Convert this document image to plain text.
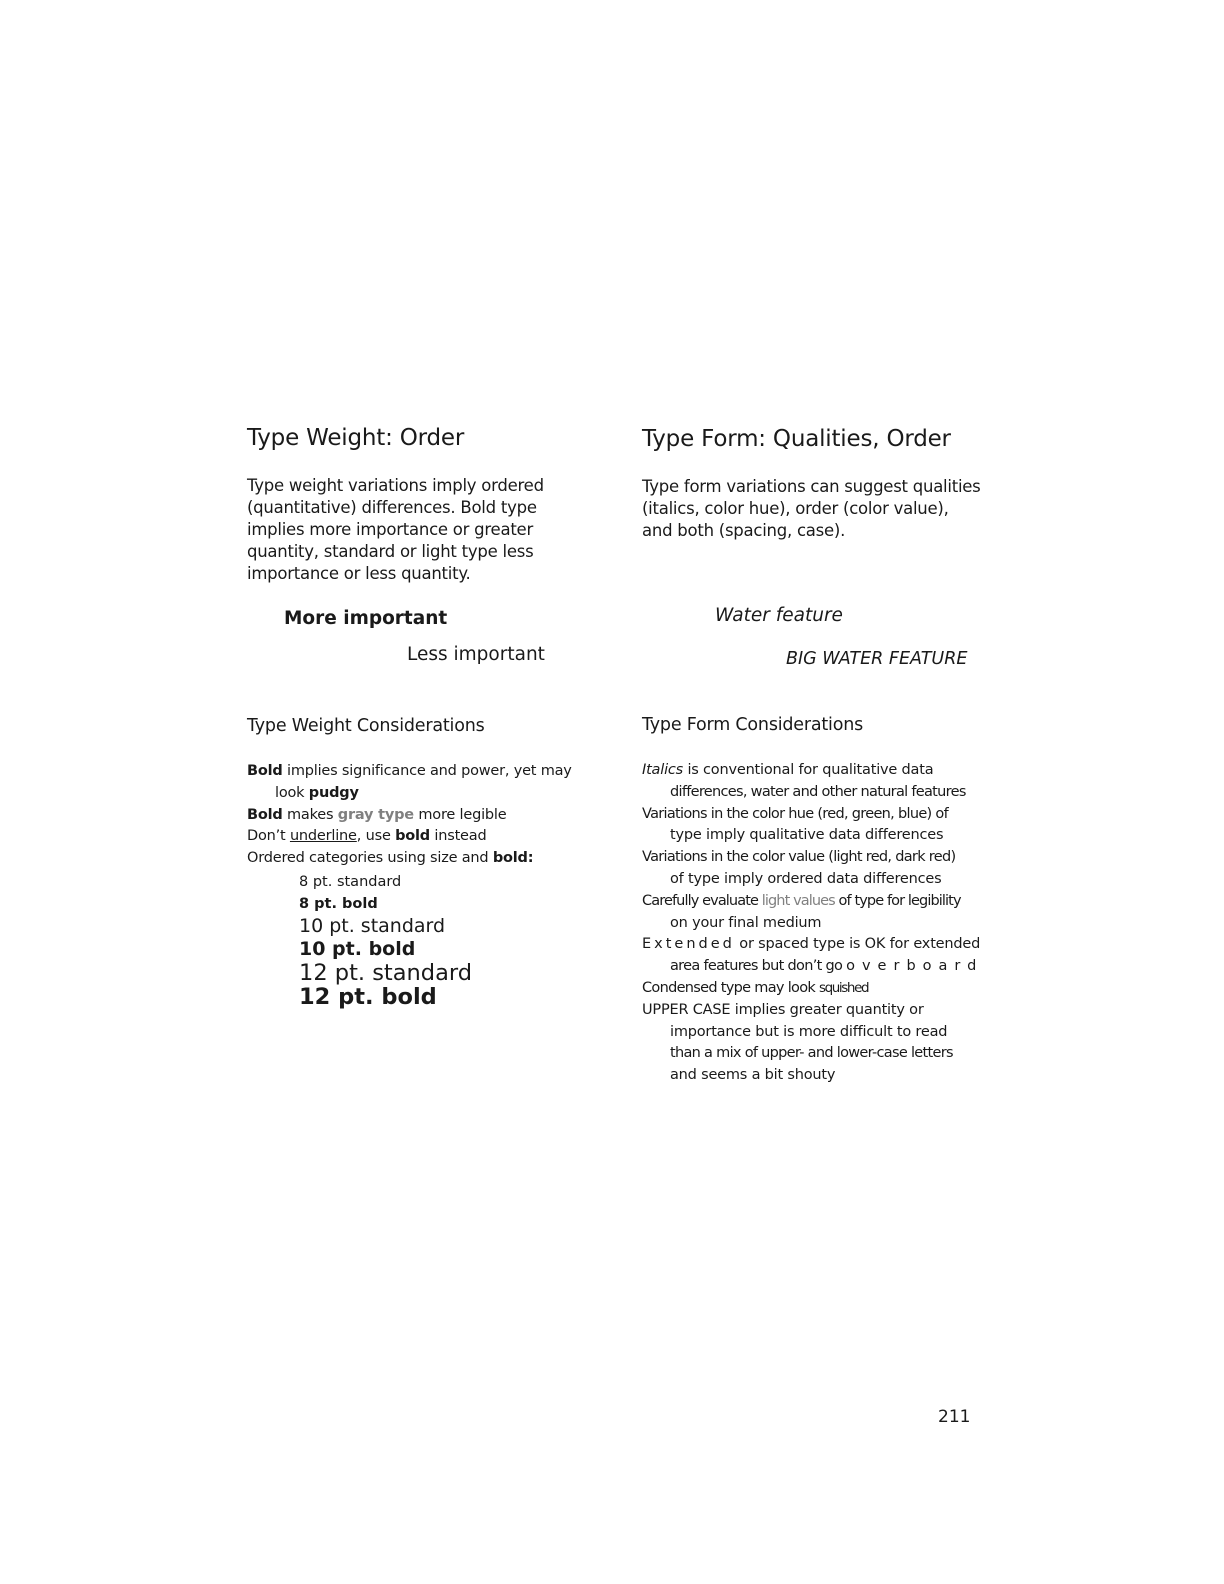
Type Weight: Order

Type weight variations imply ordered (quantitative) differences. Bold type implies more importance or greater quantity, standard or light type less importance or less quantity.

More important
Less important
Type Weight Considerations
Bold implies significance and power, yet may
look pudgy
Bold makes gray type more legible
Don’t underline, use bold instead
Ordered categories using size and bold:
8 pt. standard
8 pt. bold
10 pt. standard
10 pt. bold
12 pt. standard
12 pt. bold
Type Form: Qualities, Order

Type form variations can suggest qualities (italics, color hue), order (color value), and both (spacing, case).

Water feature
BIG WATER FEATURE
Type Form Considerations
Italics is conventional for qualitative data
differences, water and other natural features
Variations in the color hue (red, green, blue) of
type imply qualitative data differences
Variations in the color value (light red, dark red)
of type imply ordered data differences
Carefully evaluate light values of type for legibility
on your final medium
Extended or spaced type is OK for extended
area features but don’t go overboard
Condensed type may look squished
UPPER CASE implies greater quantity or
importance but is more difficult to read
than a mix of upper- and lower-case letters
and seems a bit shouty
211
